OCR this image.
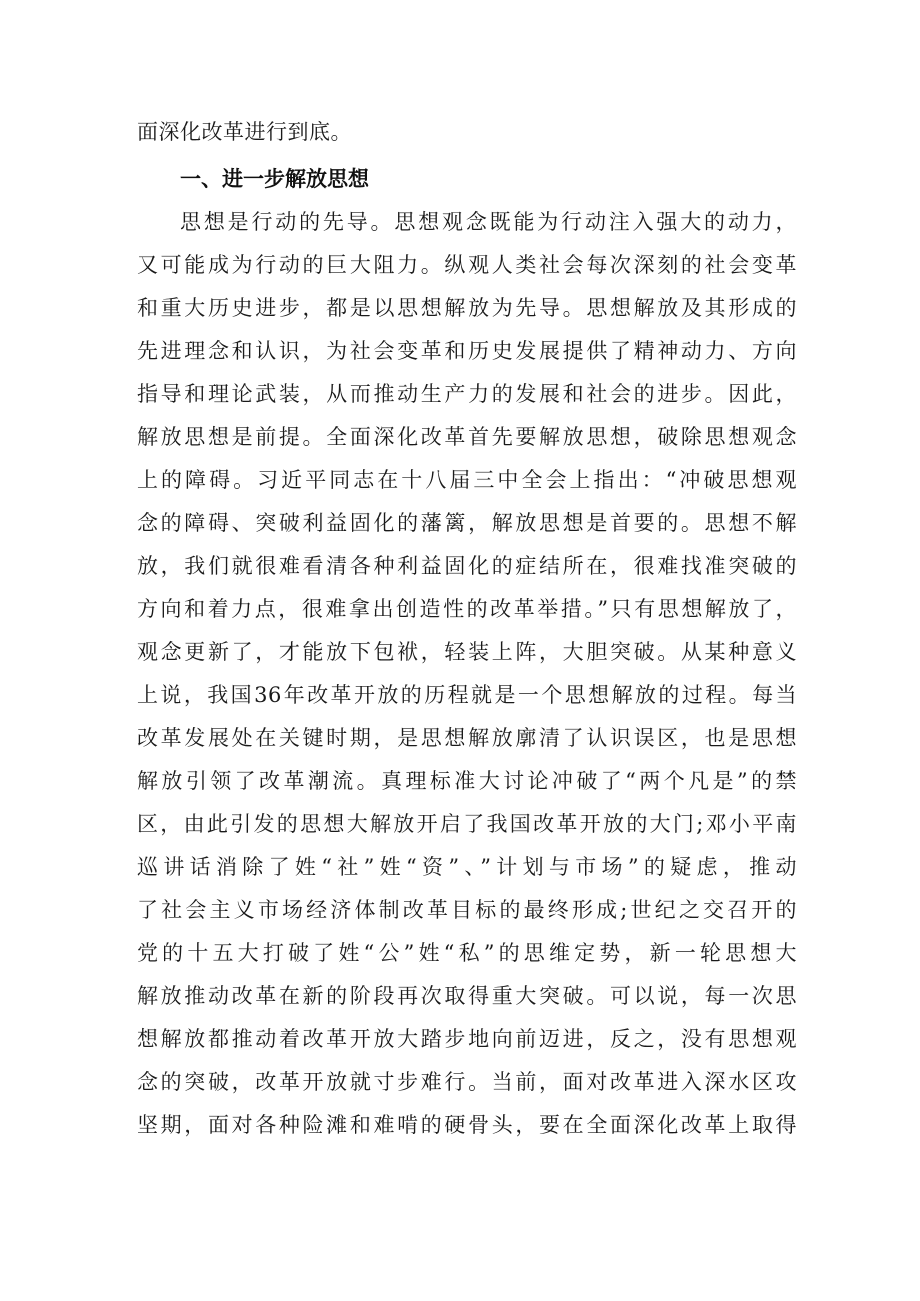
面深化改革进行到底。
一、进一步解放思想
思想是行动的先导。思想观念既能为行动注入强大的动力，
又可能成为行动的巨大阻力。纵观人类社会每次深刻的社会变革
和重大历史进步，都是以思想解放为先导。思想解放及其形成的
先进理念和认识，为社会变革和历史发展提供了精神动力、方向
指导和理论武装，从而推动生产力的发展和社会的进步。因此，
解放思想是前提。全面深化改革首先要解放思想，破除思想观念
上的障碍。习近平同志在十八届三中全会上指出：“冲破思想观
念的障碍、突破利益固化的藩篱，解放思想是首要的。思想不解
放，我们就很难看清各种利益固化的症结所在，很难找准突破的
方向和着力点，很难拿出创造性的改革举措。”只有思想解放了，
观念更新了，才能放下包袱，轻装上阵，大胆突破。从某种意义
上说，我国36年改革开放的历程就是一个思想解放的过程。每当
改革发展处在关键时期，是思想解放廓清了认识误区，也是思想
解放引领了改革潮流。真理标准大讨论冲破了“两个凡是”的禁
区，由此引发的思想大解放开启了我国改革开放的大门;邓小平南
巡讲话消除了姓“社”姓“资”、”计划与市场”的疑虑，推动
了社会主义市场经济体制改革目标的最终形成;世纪之交召开的
党的十五大打破了姓“公”姓“私”的思维定势，新一轮思想大
解放推动改革在新的阶段再次取得重大突破。可以说，每一次思
想解放都推动着改革开放大踏步地向前迈进，反之，没有思想观
念的突破，改革开放就寸步难行。当前，面对改革进入深水区攻
坚期，面对各种险滩和难啃的硬骨头，要在全面深化改革上取得
